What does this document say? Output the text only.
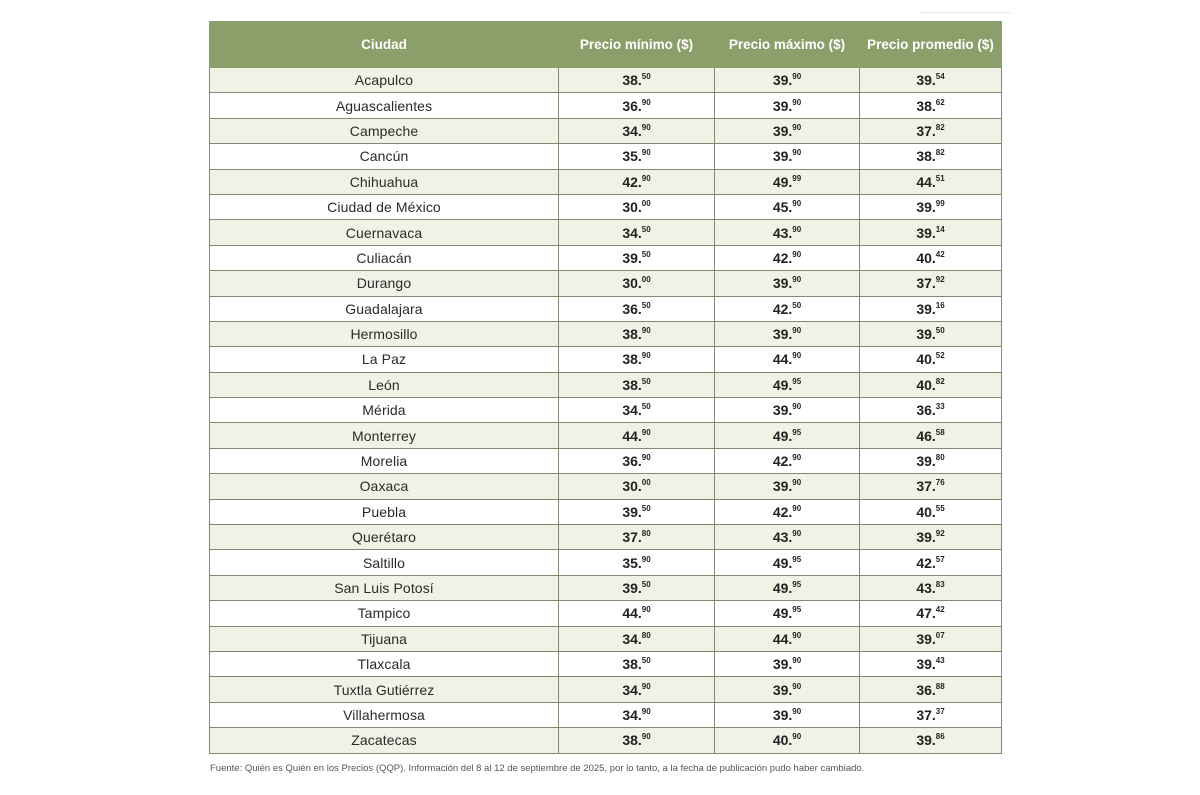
Ciudad	Precio mínimo ($)	Precio máximo ($)	Precio promedio ($)
Acapulco	38.50	39.90	39.54
Aguascalientes	36.90	39.90	38.62
Campeche	34.90	39.90	37.82
Cancún	35.90	39.90	38.82
Chihuahua	42.90	49.99	44.51
Ciudad de México	30.00	45.90	39.99
Cuernavaca	34.50	43.90	39.14
Culiacán	39.50	42.90	40.42
Durango	30.00	39.90	37.92
Guadalajara	36.50	42.50	39.16
Hermosillo	38.90	39.90	39.50
La Paz	38.90	44.90	40.52
León	38.50	49.95	40.82
Mérida	34.50	39.90	36.33
Monterrey	44.90	49.95	46.58
Morelia	36.90	42.90	39.80
Oaxaca	30.00	39.90	37.76
Puebla	39.50	42.90	40.55
Querétaro	37.80	43.90	39.92
Saltillo	35.90	49.95	42.57
San Luis Potosí	39.50	49.95	43.83
Tampico	44.90	49.95	47.42
Tijuana	34.80	44.90	39.07
Tlaxcala	38.50	39.90	39.43
Tuxtla Gutiérrez	34.90	39.90	36.88
Villahermosa	34.90	39.90	37.37
Zacatecas	38.90	40.90	39.86
Fuente: Quién es Quién en los Precios (QQP). Información del 8 al 12 de septiembre de 2025, por lo tanto, a la fecha de publicación pudo haber cambiado.
